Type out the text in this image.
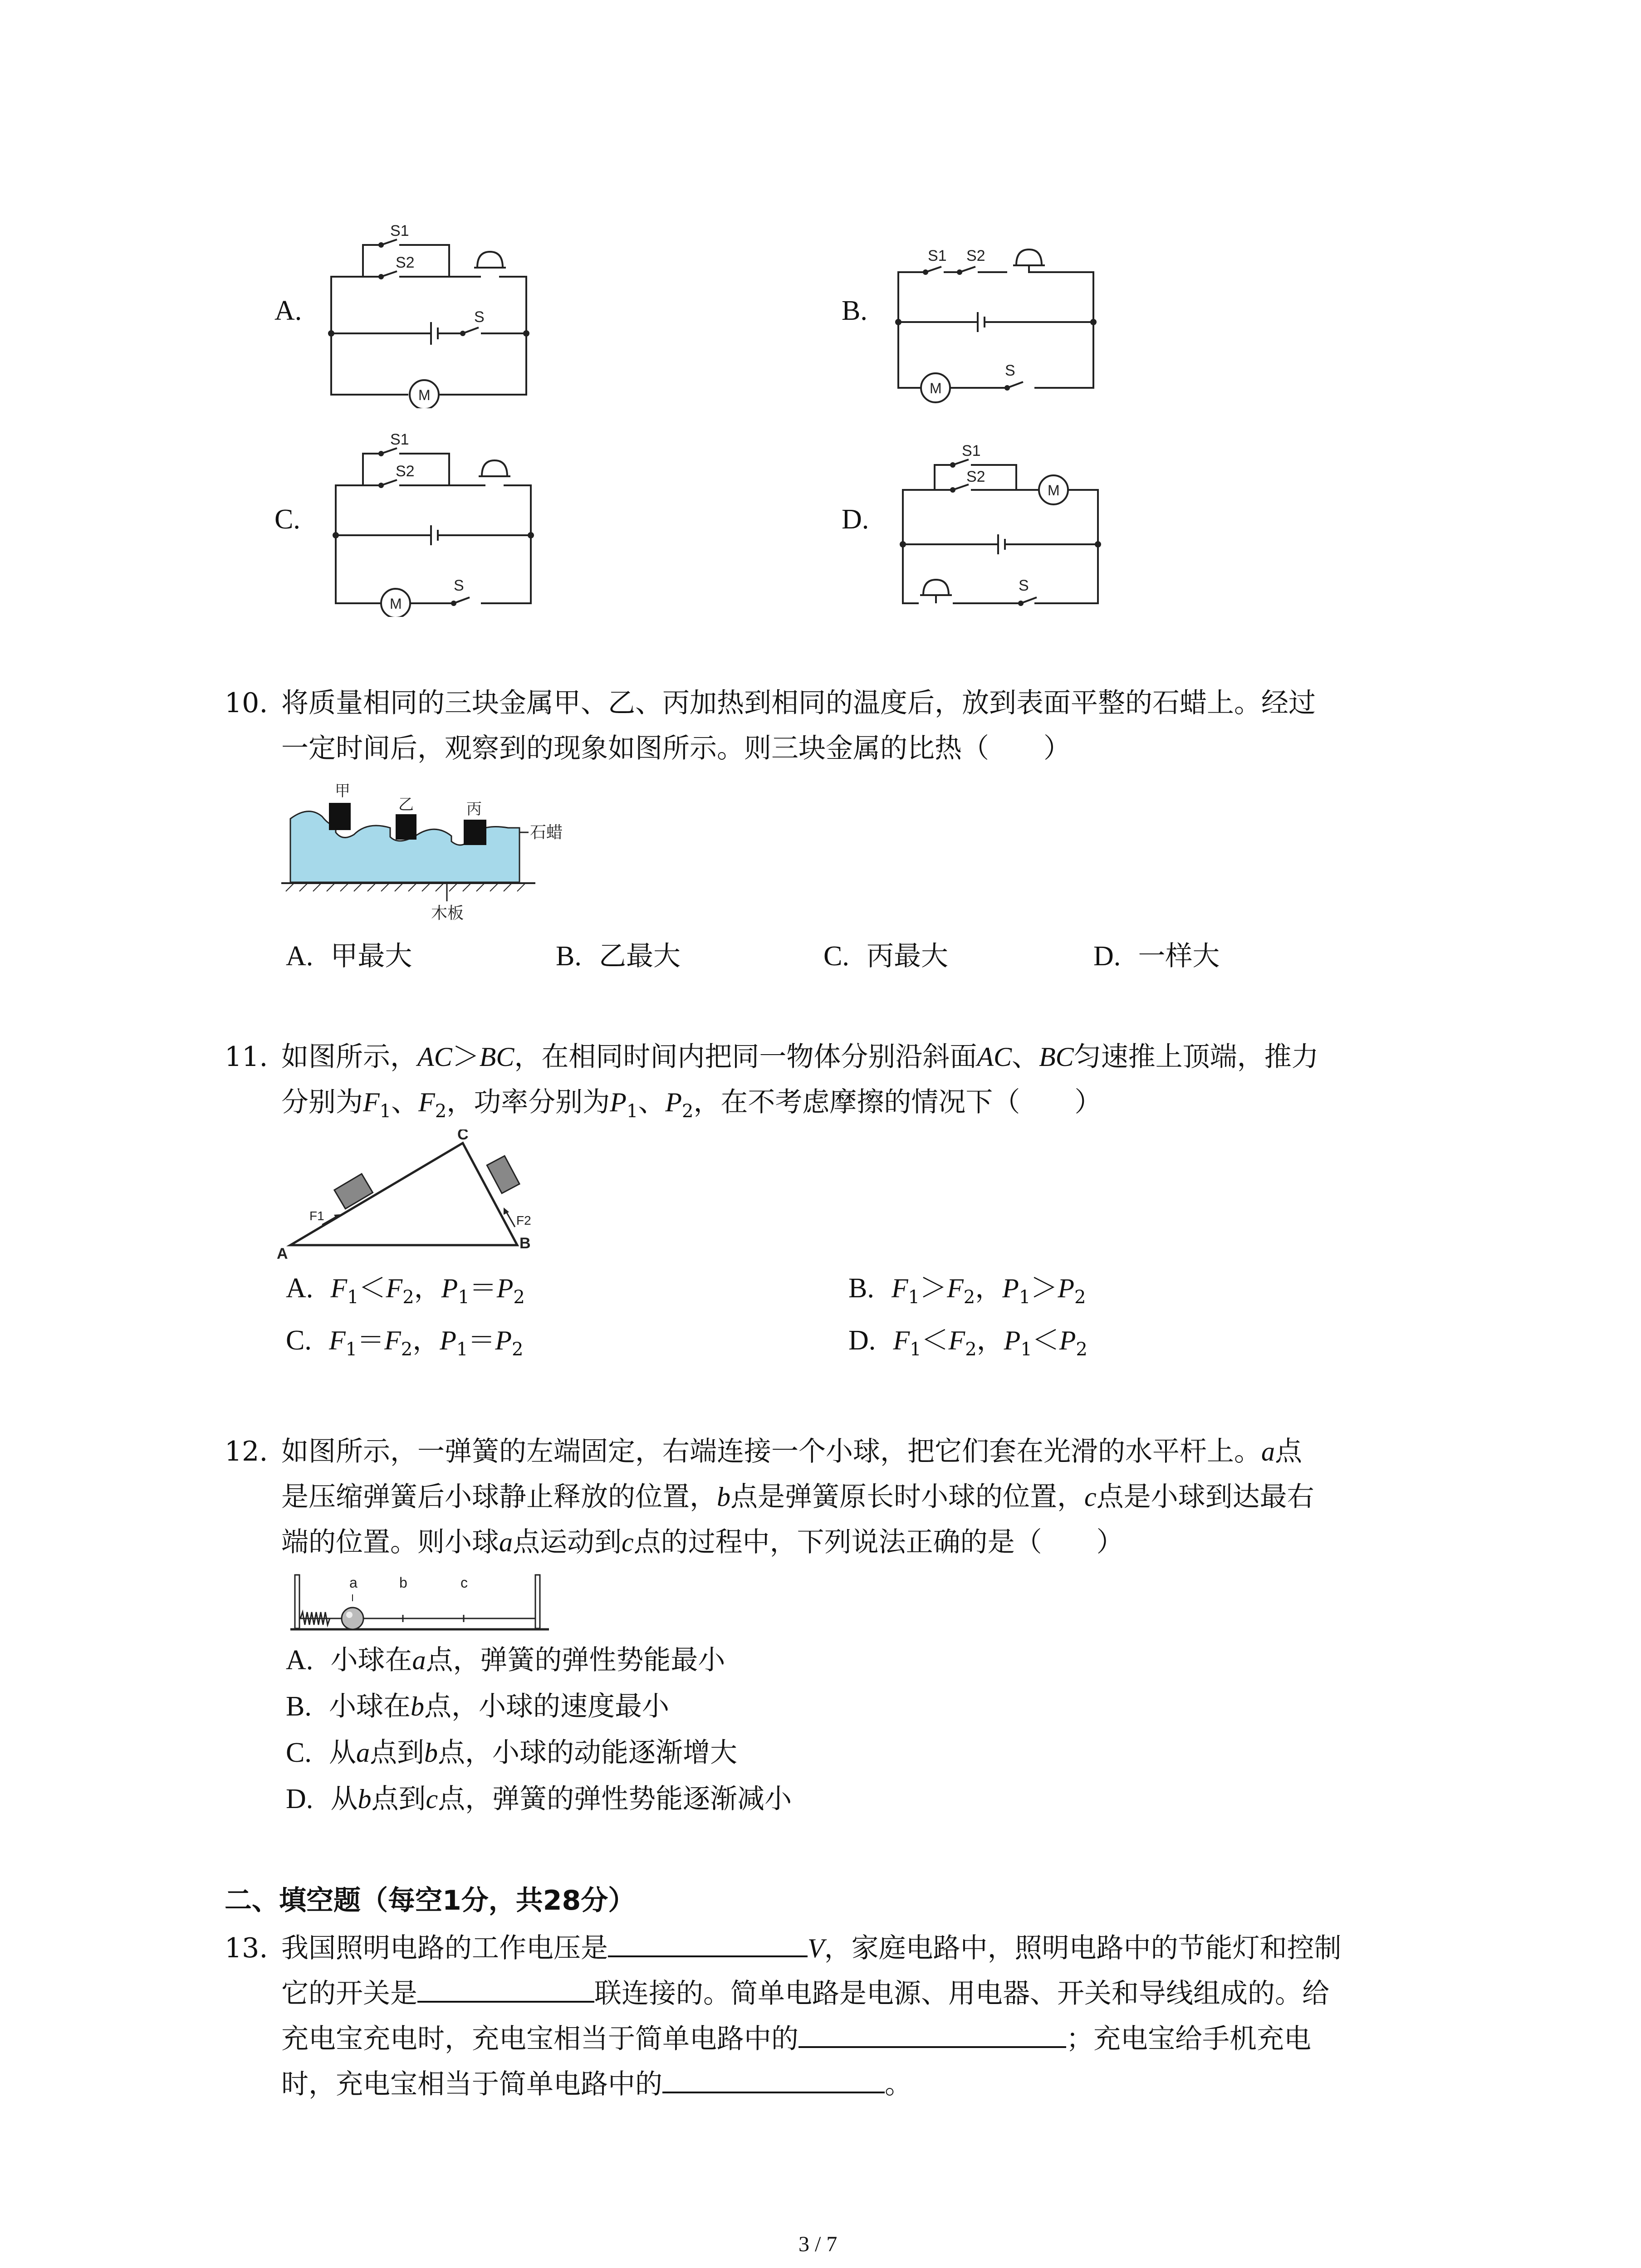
A.	B.
C.	D.
S1
S2
S
M
S1 S2
M
S
S1
S2
M
S
S1
S2
M
S
10. 将质量相同的三块金属甲、乙、丙加热到相同的温度后，放到表面平整的石蜡上。经过
一定时间后，观察到的现象如图所示。则三块金属的比热（　　）
甲
乙	丙
石蜡
木板
A. 甲最大	B. 乙最大	C. 丙最大	D. 一样大
11. 如图所示，AC＞BC，在相同时间内把同一物体分别沿斜面AC、BC匀速推上顶端，推力
分别为$F_1$、$F_2$，功率分别为$P_1$、$P_2$，在不考虑摩擦的情况下（　　）
F1	F2
A
B
C
A. $F_1<F_2$，$P_1=P_2$	B. $F_1>F_2$，$P_1>P_2$
C. $F_1=F_2$，$P_1=P_2$	D. $F_1<F_2$，$P_1<P_2$
12. 如图所示，一弹簧的左端固定，右端连接一个小球，把它们套在光滑的水平杆上。a点
是压缩弹簧后小球静止释放的位置，b点是弹簧原长时小球的位置，c点是小球到达最右
端的位置。则小球a点运动到c点的过程中，下列说法正确的是（　　）
a	b	c
A. 小球在a点，弹簧的弹性势能最小
B. 小球在b点，小球的速度最小
C. 从a点到b点，小球的动能逐渐增大
D. 从b点到c点，弹簧的弹性势能逐渐减小
二、填空题（每空1分，共28分）
13. 我国照明电路的工作电压是	V，家庭电路中，照明电路中的节能灯和控制
它的开关是	联连接的。简单电路是电源、用电器、开关和导线组成的。给
充电宝充电时，充电宝相当于简单电路中的	；充电宝给手机充电
时，充电宝相当于简单电路中的	。
3 / 7
